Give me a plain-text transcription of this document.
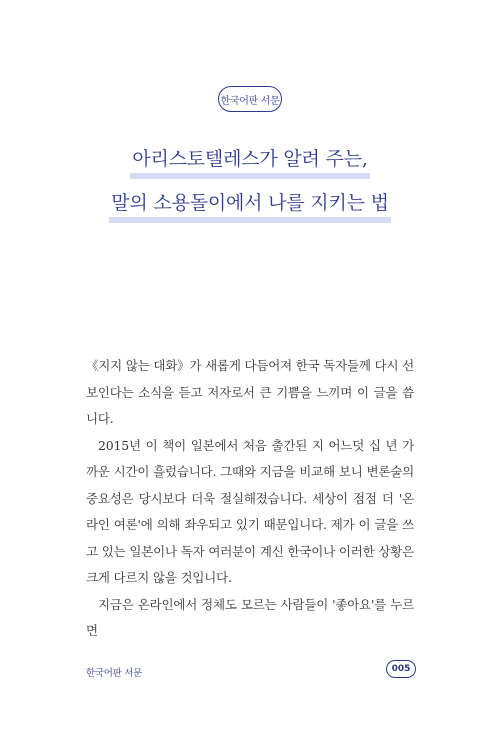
한국어판 서문
아리스토텔레스가 알려 주는,
말의 소용돌이에서 나를 지키는 법

《지지 않는 대화》가 새롭게 다듬어져 한국 독자들께 다시 선보인다는 소식을 듣고 저자로서 큰 기쁨을 느끼며 이 글을 씁니다.

2015년 이 책이 일본에서 처음 출간된 지 어느덧 십 년 가까운 시간이 흘렀습니다. 그때와 지금을 비교해 보니 변론술의 중요성은 당시보다 더욱 절실해졌습니다. 세상이 점점 더 '온라인 여론'에 의해 좌우되고 있기 때문입니다. 제가 이 글을 쓰고 있는 일본이나 독자 여러분이 계신 한국이나 이러한 상황은 크게 다르지 않을 것입니다.

지금은 온라인에서 정체도 모르는 사람들이 '좋아요'를 누르면

한국어판 서문	005
